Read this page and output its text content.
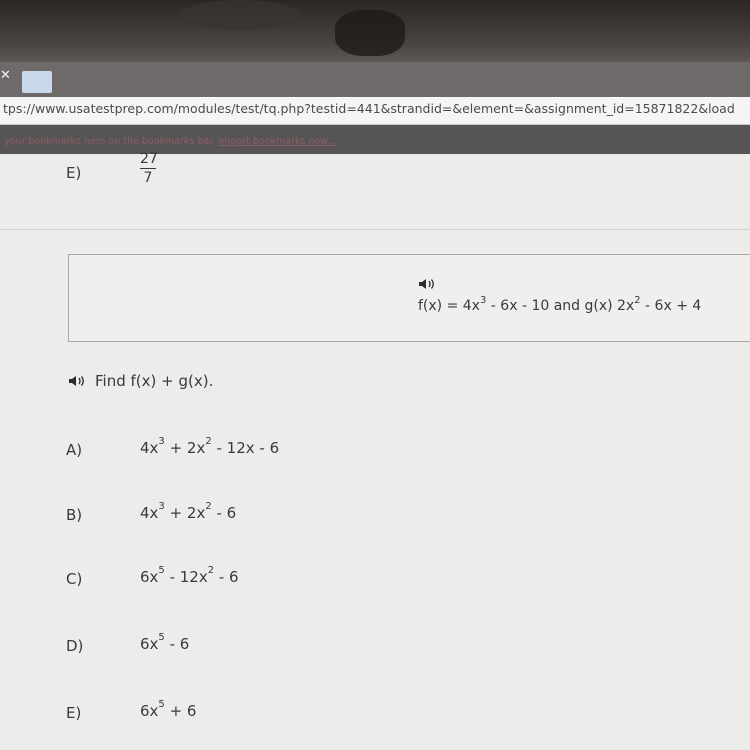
✕
tps://www.usatestprep.com/modules/test/tq.php?testid=441&strandid=&element=&assignment_id=15871822&load
your bookmarks here on the bookmarks bar. Import bookmarks now...
E)
27
7
$f(x) = 4x^3 - 6x - 10$ and g(x) $2x^2 - 6x + 4$
Find f(x) + g(x).
A)	$4x^3 + 2x^2 - 12x - 6$
B)	$4x^3 + 2x^2 - 6$
C)	$6x^5 - 12x^2 - 6$
D)	$6x^5 - 6$
E)	$6x^5 + 6$
